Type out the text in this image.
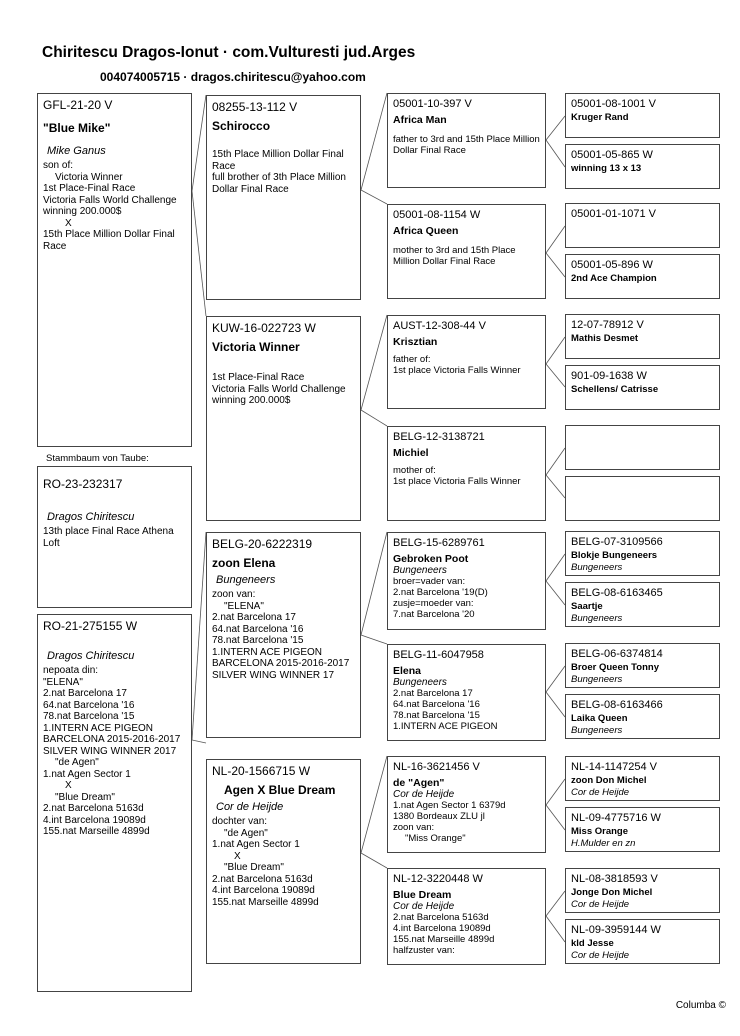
Chiritescu Dragos-Ionut · com.Vulturesti jud.Arges
004074005715 · dragos.chiritescu@yahoo.com
GFL-21-20 V
"Blue Mike"
Mike Ganus
son of:
Victoria Winner
1st Place-Final Race
Victoria Falls World Challenge
winning 200.000$
X
15th Place Million Dollar Final Race
Stammbaum von Taube:
RO-23-232317
Dragos Chiritescu
13th place Final Race Athena Loft
RO-21-275155 W
Dragos Chiritescu
nepoata din:
"ELENA"
2.nat Barcelona 17
64.nat Barcelona '16
78.nat Barcelona '15
1.INTERN ACE PIGEON BARCELONA 2015-2016-2017
SILVER WING WINNER 2017
"de Agen"
1.nat Agen Sector 1
X
"Blue Dream"
2.nat Barcelona 5163d
4.int Barcelona 19089d
155.nat Marseille 4899d
08255-13-112 V
Schirocco
15th Place Million Dollar Final Race
full brother of 3th Place Million Dollar Final Race
KUW-16-022723 W
Victoria Winner
1st Place-Final Race
Victoria Falls World Challenge
winning 200.000$
BELG-20-6222319
zoon Elena
Bungeneers
zoon van:
"ELENA"
2.nat Barcelona 17
64.nat Barcelona '16
78.nat Barcelona '15
1.INTERN ACE PIGEON
BARCELONA 2015-2016-2017
SILVER WING WINNER 17
NL-20-1566715 W
Agen X Blue Dream
Cor de Heijde
dochter van:
"de Agen"
1.nat Agen Sector 1
X
"Blue Dream"
2.nat Barcelona 5163d
4.int Barcelona 19089d
155.nat Marseille 4899d
05001-10-397 V
Africa Man
father to 3rd and 15th Place Million Dollar Final Race
05001-08-1154 W
Africa Queen
mother to 3rd and 15th Place Million Dollar Final Race
AUST-12-308-44 V
Krisztian
father of:
1st place Victoria Falls Winner
BELG-12-3138721
Michiel
mother of:
1st place Victoria Falls Winner
BELG-15-6289761
Gebroken Poot
Bungeneers
broer=vader van:
2.nat Barcelona '19(D)
zusje=moeder van:
7.nat Barcelona '20
BELG-11-6047958
Elena
Bungeneers
2.nat Barcelona 17
64.nat Barcelona '16
78.nat Barcelona '15
1.INTERN ACE PIGEON
NL-16-3621456 V
de "Agen"
Cor de Heijde
1.nat Agen Sector 1 6379d
1380 Bordeaux ZLU jl
zoon van:
"Miss Orange"
NL-12-3220448 W
Blue Dream
Cor de Heijde
2.nat Barcelona 5163d
4.int Barcelona 19089d
155.nat Marseille 4899d
halfzuster van:
05001-08-1001 V
Kruger Rand
05001-05-865 W
winning 13 x 13
05001-01-1071 V
05001-05-896 W
2nd Ace Champion
12-07-78912 V
Mathis Desmet
901-09-1638 W
Schellens/ Catrisse
BELG-07-3109566
Blokje Bungeneers
Bungeneers
BELG-08-6163465
Saartje
Bungeneers
BELG-06-6374814
Broer Queen Tonny
Bungeneers
BELG-08-6163466
Laika Queen
Bungeneers
NL-14-1147254 V
zoon Don Michel
Cor de Heijde
NL-09-4775716 W
Miss Orange
H.Mulder en zn
NL-08-3818593 V
Jonge Don Michel
Cor de Heijde
NL-09-3959144 W
kld Jesse
Cor de Heijde
Columba ©
